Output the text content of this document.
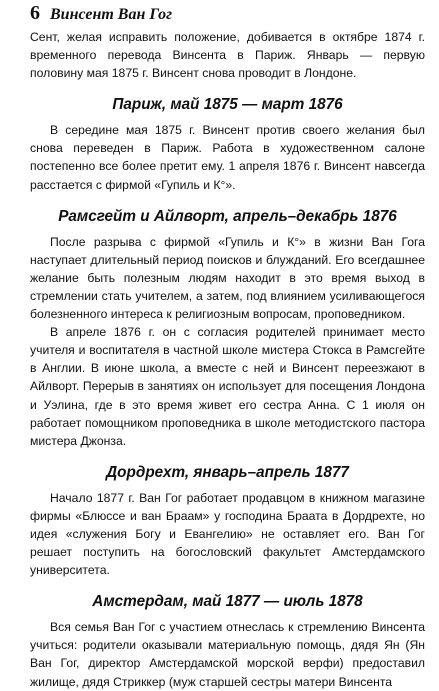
6 Винсент Ван Гог

Сент, желая исправить положение, добивается в октябре 1874 г. временного перевода Винсента в Париж. Январь — первую половину мая 1875 г. Винсент снова проводит в Лондоне.

Париж, май 1875 — март 1876

В середине мая 1875 г. Винсент против своего желания был снова переведен в Париж. Работа в художественном салоне постепенно все более претит ему. 1 апреля 1876 г. Винсент навсегда расстается с фирмой «Гупиль и К°».

Рамсгейт и Айлворт, апрель–декабрь 1876

После разрыва с фирмой «Гупиль и К°» в жизни Ван Гога наступает длительный период поисков и блужданий. Его всегдашнее желание быть полезным людям находит в это время выход в стремлении стать учителем, а затем, под влиянием усиливающегося болезненного интереса к религиозным вопросам, проповедником.

В апреле 1876 г. он с согласия родителей принимает место учителя и воспитателя в частной школе мистера Стокса в Рамсгейте в Англии. В июне школа, а вместе с ней и Винсент переезжают в Айлворт. Перерыв в занятиях он использует для посещения Лондона и Уэлина, где в это время живет его сестра Анна. С 1 июля он работает помощником проповедника в школе методистского пастора мистера Джонза.

Дордрехт, январь–апрель 1877

Начало 1877 г. Ван Гог работает продавцом в книжном магазине фирмы «Блюссе и ван Браам» у господина Браата в Дордрехте, но идея «служения Богу и Евангелию» не оставляет его. Ван Гог решает поступить на богословский факультет Амстердамского университета.

Амстердам, май 1877 — июль 1878

Вся семья Ван Гог с участием отнеслась к стремлению Винсента учиться: родители оказывали материальную помощь, дядя Ян (Ян Ван Гог, директор Амстердамской морской верфи) предоставил жилище, дядя Стриккер (муж старшей сестры матери Винсента
